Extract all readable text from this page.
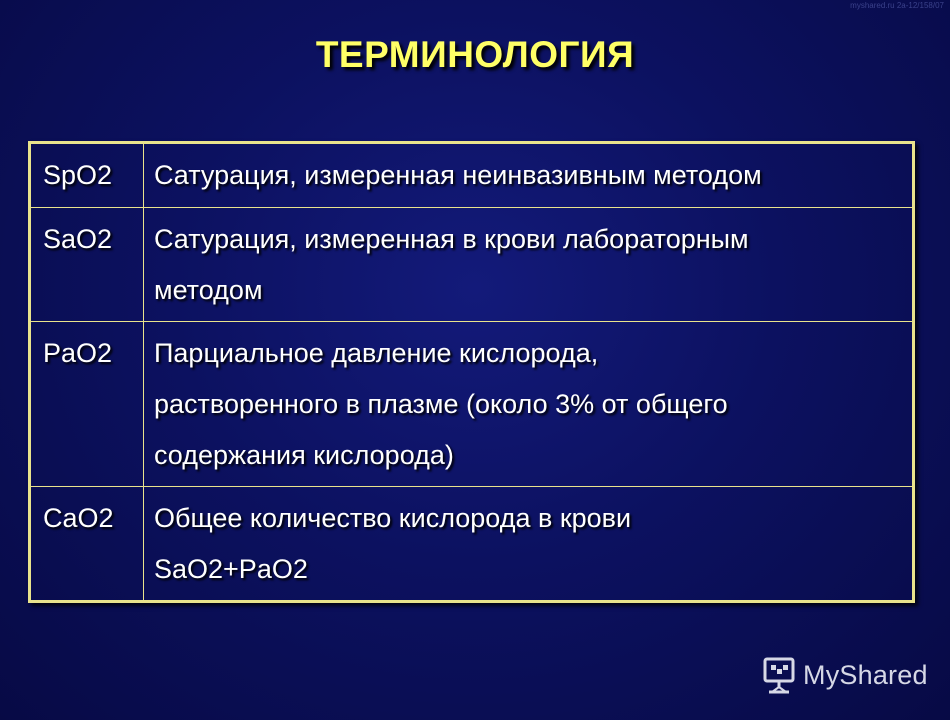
myshared.ru 2a-12/158/07
ТЕРМИНОЛОГИЯ
SpO2	Сатурация, измеренная неинвазивным методом

SaO2	Сатурация, измеренная в крови лабораторным
методом

PaO2	Парциальное давление кислорода,
растворенного в плазме (около 3% от общего
содержания кислорода)

CaO2	Общее количество кислорода в крови
SaO2+PaO2
MyShared
